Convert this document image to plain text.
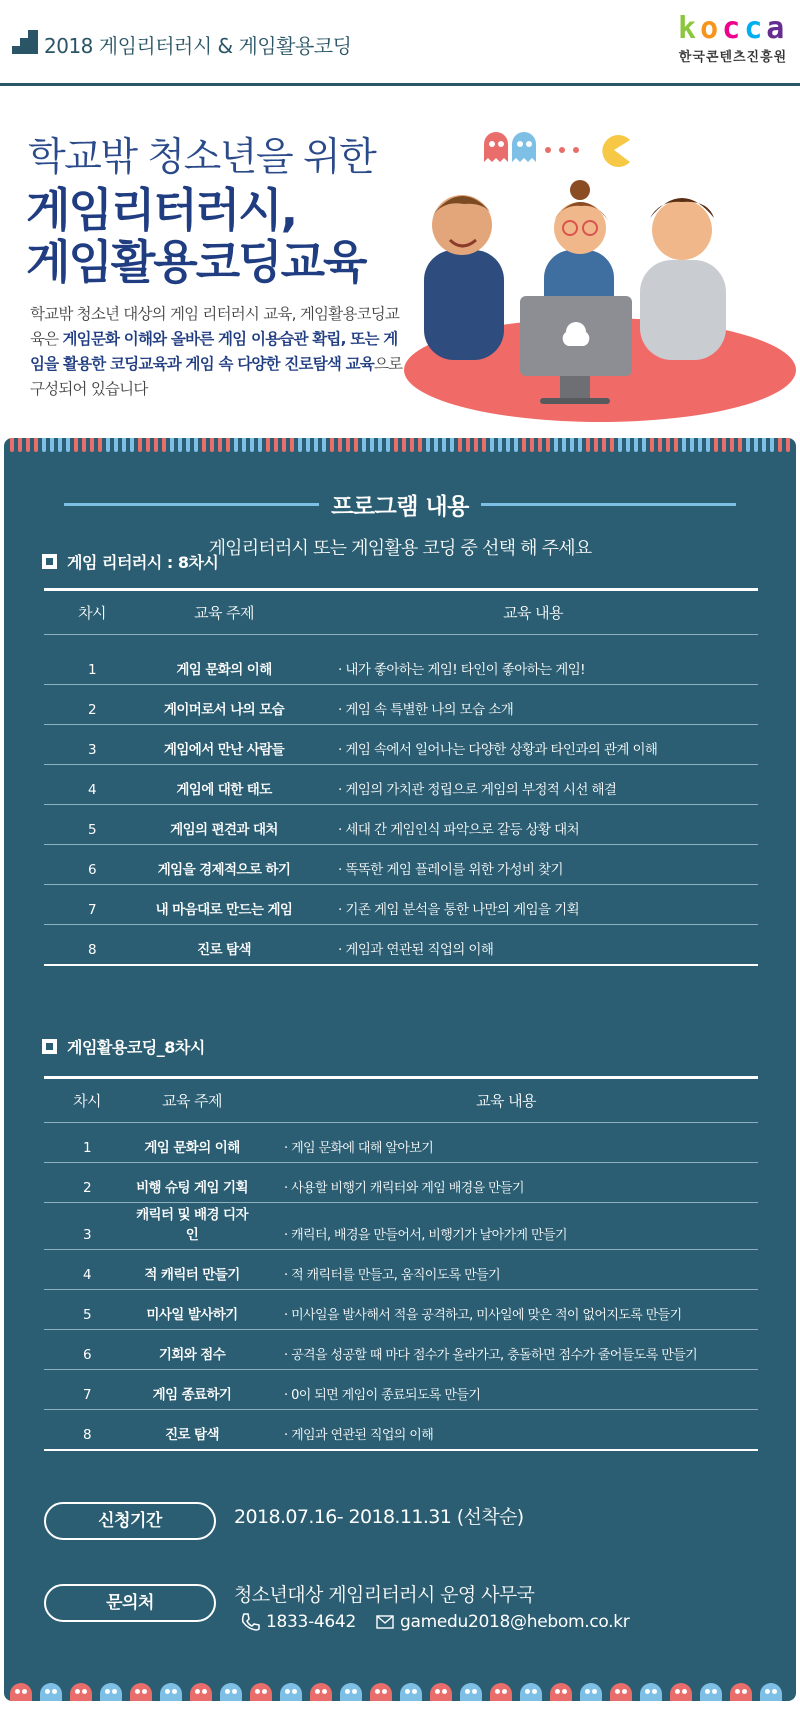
2018 게임리터러시 & 게임활용코딩	kocca
한국콘텐츠진흥원
학교밖 청소년을 위한
게임리터러시,
게임활용코딩교육
학교밖 청소년 대상의 게임 리터러시 교육, 게임활용코딩교육은 게임문화 이해와 올바른 게임 이용습관 확립, 또는 게임을 활용한 코딩교육과 게임 속 다양한 진로탐색 교육으로 구성되어 있습니다
프로그램 내용
게임리터러시 또는 게임활용 코딩 중 선택 해 주세요
게임 리터러시 : 8차시
차시	교육 주제	교육 내용
1	게임 문화의 이해	· 내가 좋아하는 게임! 타인이 좋아하는 게임!
2	게이머로서 나의 모습	· 게임 속 특별한 나의 모습 소개
3	게임에서 만난 사람들	· 게임 속에서 일어나는 다양한 상황과 타인과의 관계 이해
4	게임에 대한 태도	· 게임의 가치관 정립으로 게임의 부정적 시선 해결
5	게임의 편견과 대처	· 세대 간 게임인식 파악으로 갈등 상황 대처
6	게임을 경제적으로 하기	· 똑똑한 게임 플레이를 위한 가성비 찾기
7	내 마음대로 만드는 게임	· 기존 게임 분석을 통한 나만의 게임을 기획
8	진로 탐색	· 게임과 연관된 직업의 이해
게임활용코딩_8차시
차시	교육 주제	교육 내용
1	게임 문화의 이해	· 게임 문화에 대해 알아보기
2	비행 슈팅 게임 기획	· 사용할 비행기 캐릭터와 게임 배경을 만들기
3	캐릭터 및 배경 디자인	· 캐릭터, 배경을 만들어서, 비행기가 날아가게 만들기
4	적 캐릭터 만들기	· 적 캐릭터를 만들고, 움직이도록 만들기
5	미사일 발사하기	· 미사일을 발사해서 적을 공격하고, 미사일에 맞은 적이 없어지도록 만들기
6	기회와 점수	· 공격을 성공할 때 마다 점수가 올라가고, 충돌하면 점수가 줄어들도록 만들기
7	게임 종료하기	· 0이 되면 게임이 종료되도록 만들기
8	진로 탐색	· 게임과 연관된 직업의 이해
신청기간	2018.07.16- 2018.11.31 (선착순)
문의처	청소년대상 게임리터러시 운영 사무국
1833-4642	gamedu2018@hebom.co.kr
